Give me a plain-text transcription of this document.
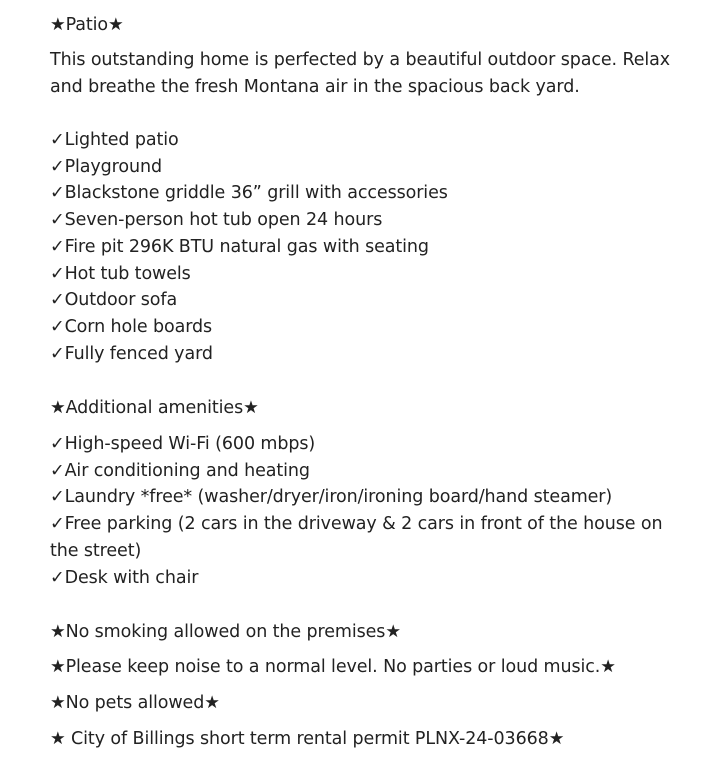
★Patio★
This outstanding home is perfected by a beautiful outdoor space. Relax and breathe the fresh Montana air in the spacious back yard.
✓Lighted patio
✓Playground
✓Blackstone griddle 36” grill with accessories
✓Seven-person hot tub open 24 hours
✓Fire pit 296K BTU natural gas with seating
✓Hot tub towels
✓Outdoor sofa
✓Corn hole boards
✓Fully fenced yard
★Additional amenities★
✓High-speed Wi-Fi (600 mbps)
✓Air conditioning and heating
✓Laundry *free* (washer/dryer/iron/ironing board/hand steamer)
✓Free parking (2 cars in the driveway & 2 cars in front of the house on the street)
✓Desk with chair
★No smoking allowed on the premises★
★Please keep noise to a normal level. No parties or loud music.★
★No pets allowed★
★ City of Billings short term rental permit PLNX-24-03668★
